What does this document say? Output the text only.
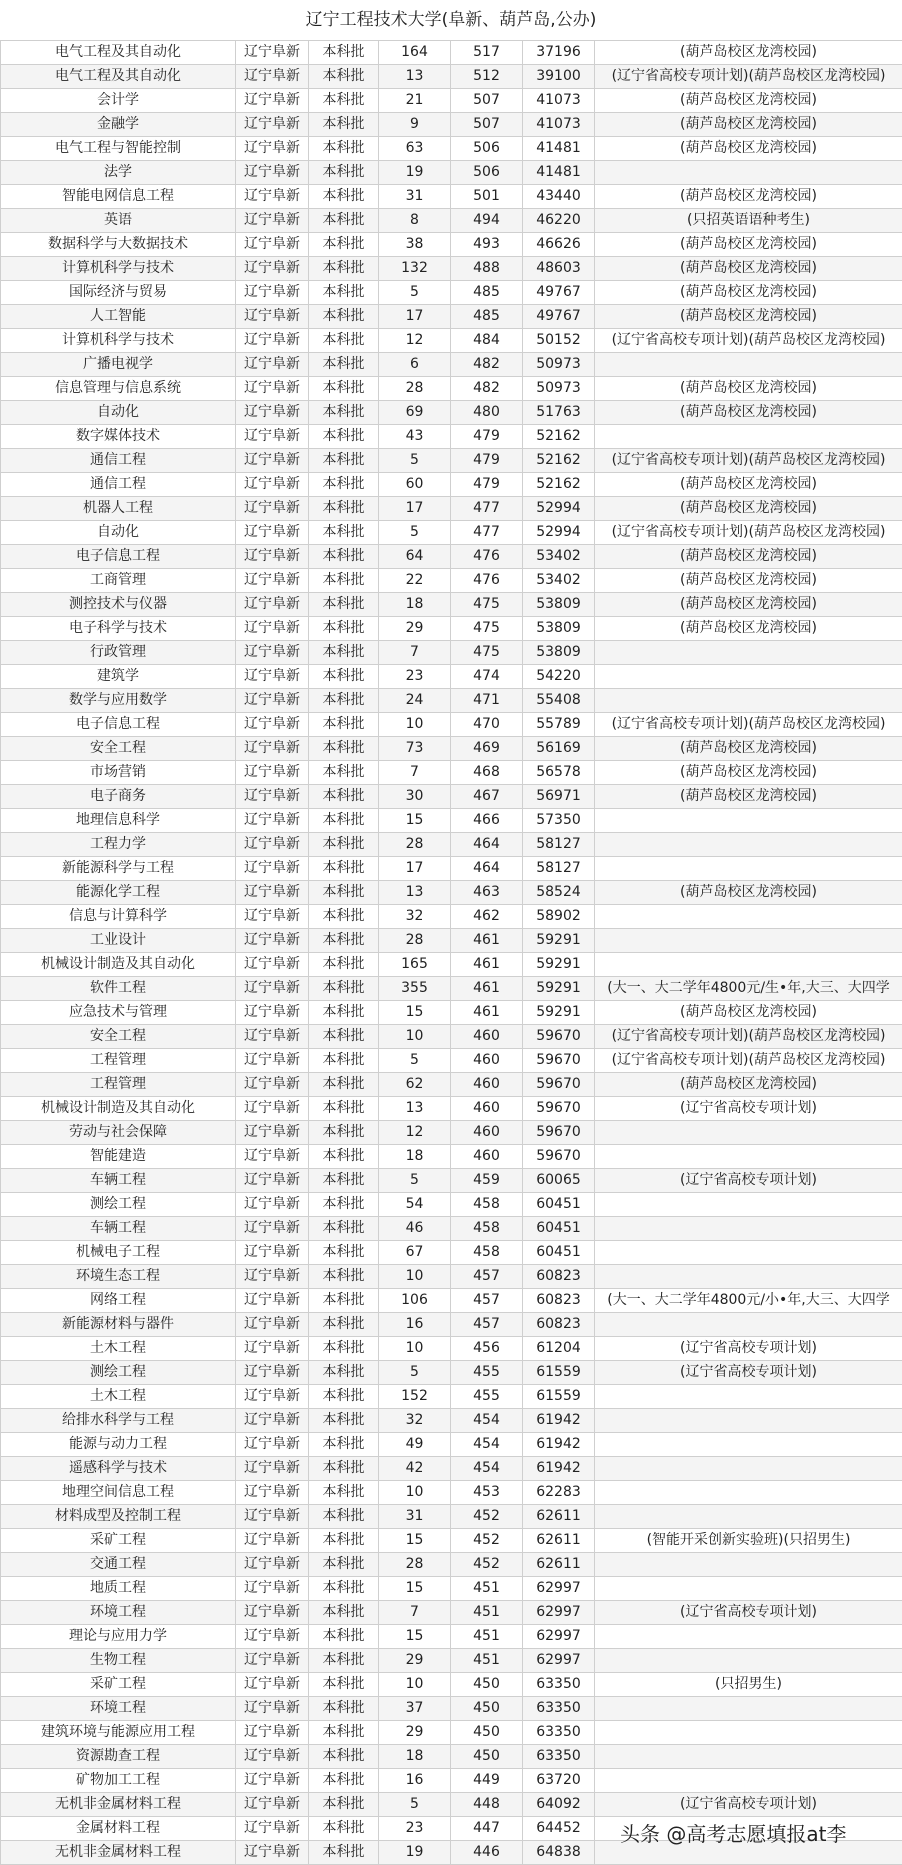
辽宁工程技术大学(阜新、葫芦岛,公办)
电气工程及其自动化	辽宁阜新	本科批	164	517	37196	(葫芦岛校区龙湾校园)
电气工程及其自动化	辽宁阜新	本科批	13	512	39100	(辽宁省高校专项计划)(葫芦岛校区龙湾校园)
会计学	辽宁阜新	本科批	21	507	41073	(葫芦岛校区龙湾校园)
金融学	辽宁阜新	本科批	9	507	41073	(葫芦岛校区龙湾校园)
电气工程与智能控制	辽宁阜新	本科批	63	506	41481	(葫芦岛校区龙湾校园)
法学	辽宁阜新	本科批	19	506	41481	
智能电网信息工程	辽宁阜新	本科批	31	501	43440	(葫芦岛校区龙湾校园)
英语	辽宁阜新	本科批	8	494	46220	(只招英语语种考生)
数据科学与大数据技术	辽宁阜新	本科批	38	493	46626	(葫芦岛校区龙湾校园)
计算机科学与技术	辽宁阜新	本科批	132	488	48603	(葫芦岛校区龙湾校园)
国际经济与贸易	辽宁阜新	本科批	5	485	49767	(葫芦岛校区龙湾校园)
人工智能	辽宁阜新	本科批	17	485	49767	(葫芦岛校区龙湾校园)
计算机科学与技术	辽宁阜新	本科批	12	484	50152	(辽宁省高校专项计划)(葫芦岛校区龙湾校园)
广播电视学	辽宁阜新	本科批	6	482	50973	
信息管理与信息系统	辽宁阜新	本科批	28	482	50973	(葫芦岛校区龙湾校园)
自动化	辽宁阜新	本科批	69	480	51763	(葫芦岛校区龙湾校园)
数字媒体技术	辽宁阜新	本科批	43	479	52162	
通信工程	辽宁阜新	本科批	5	479	52162	(辽宁省高校专项计划)(葫芦岛校区龙湾校园)
通信工程	辽宁阜新	本科批	60	479	52162	(葫芦岛校区龙湾校园)
机器人工程	辽宁阜新	本科批	17	477	52994	(葫芦岛校区龙湾校园)
自动化	辽宁阜新	本科批	5	477	52994	(辽宁省高校专项计划)(葫芦岛校区龙湾校园)
电子信息工程	辽宁阜新	本科批	64	476	53402	(葫芦岛校区龙湾校园)
工商管理	辽宁阜新	本科批	22	476	53402	(葫芦岛校区龙湾校园)
测控技术与仪器	辽宁阜新	本科批	18	475	53809	(葫芦岛校区龙湾校园)
电子科学与技术	辽宁阜新	本科批	29	475	53809	(葫芦岛校区龙湾校园)
行政管理	辽宁阜新	本科批	7	475	53809	
建筑学	辽宁阜新	本科批	23	474	54220	
数学与应用数学	辽宁阜新	本科批	24	471	55408	
电子信息工程	辽宁阜新	本科批	10	470	55789	(辽宁省高校专项计划)(葫芦岛校区龙湾校园)
安全工程	辽宁阜新	本科批	73	469	56169	(葫芦岛校区龙湾校园)
市场营销	辽宁阜新	本科批	7	468	56578	(葫芦岛校区龙湾校园)
电子商务	辽宁阜新	本科批	30	467	56971	(葫芦岛校区龙湾校园)
地理信息科学	辽宁阜新	本科批	15	466	57350	
工程力学	辽宁阜新	本科批	28	464	58127	
新能源科学与工程	辽宁阜新	本科批	17	464	58127	
能源化学工程	辽宁阜新	本科批	13	463	58524	(葫芦岛校区龙湾校园)
信息与计算科学	辽宁阜新	本科批	32	462	58902	
工业设计	辽宁阜新	本科批	28	461	59291	
机械设计制造及其自动化	辽宁阜新	本科批	165	461	59291	
软件工程	辽宁阜新	本科批	355	461	59291	(大一、大二学年4800元/生•年,大三、大四学
应急技术与管理	辽宁阜新	本科批	15	461	59291	(葫芦岛校区龙湾校园)
安全工程	辽宁阜新	本科批	10	460	59670	(辽宁省高校专项计划)(葫芦岛校区龙湾校园)
工程管理	辽宁阜新	本科批	5	460	59670	(辽宁省高校专项计划)(葫芦岛校区龙湾校园)
工程管理	辽宁阜新	本科批	62	460	59670	(葫芦岛校区龙湾校园)
机械设计制造及其自动化	辽宁阜新	本科批	13	460	59670	(辽宁省高校专项计划)
劳动与社会保障	辽宁阜新	本科批	12	460	59670	
智能建造	辽宁阜新	本科批	18	460	59670	
车辆工程	辽宁阜新	本科批	5	459	60065	(辽宁省高校专项计划)
测绘工程	辽宁阜新	本科批	54	458	60451	
车辆工程	辽宁阜新	本科批	46	458	60451	
机械电子工程	辽宁阜新	本科批	67	458	60451	
环境生态工程	辽宁阜新	本科批	10	457	60823	
网络工程	辽宁阜新	本科批	106	457	60823	(大一、大二学年4800元/小•年,大三、大四学
新能源材料与器件	辽宁阜新	本科批	16	457	60823	
土木工程	辽宁阜新	本科批	10	456	61204	(辽宁省高校专项计划)
测绘工程	辽宁阜新	本科批	5	455	61559	(辽宁省高校专项计划)
土木工程	辽宁阜新	本科批	152	455	61559	
给排水科学与工程	辽宁阜新	本科批	32	454	61942	
能源与动力工程	辽宁阜新	本科批	49	454	61942	
遥感科学与技术	辽宁阜新	本科批	42	454	61942	
地理空间信息工程	辽宁阜新	本科批	10	453	62283	
材料成型及控制工程	辽宁阜新	本科批	31	452	62611	
采矿工程	辽宁阜新	本科批	15	452	62611	(智能开采创新实验班)(只招男生)
交通工程	辽宁阜新	本科批	28	452	62611	
地质工程	辽宁阜新	本科批	15	451	62997	
环境工程	辽宁阜新	本科批	7	451	62997	(辽宁省高校专项计划)
理论与应用力学	辽宁阜新	本科批	15	451	62997	
生物工程	辽宁阜新	本科批	29	451	62997	
采矿工程	辽宁阜新	本科批	10	450	63350	(只招男生)
环境工程	辽宁阜新	本科批	37	450	63350	
建筑环境与能源应用工程	辽宁阜新	本科批	29	450	63350	
资源勘查工程	辽宁阜新	本科批	18	450	63350	
矿物加工工程	辽宁阜新	本科批	16	449	63720	
无机非金属材料工程	辽宁阜新	本科批	5	448	64092	(辽宁省高校专项计划)
金属材料工程	辽宁阜新	本科批	23	447	64452	
无机非金属材料工程	辽宁阜新	本科批	19	446	64838	
头条 @高考志愿填报at李
